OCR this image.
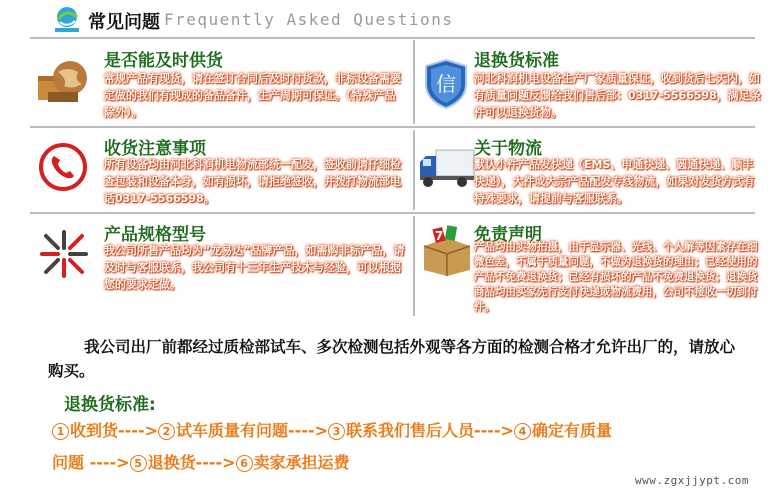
常见问题 Frequently Asked Questions
是否能及时供货

常规产品有现货，请在签订合同后及时付货款，非标设备需要定做的我们有现成的备品备件，生产周期可保证。（特殊产品除外）。

信
退换货标准

河北科润机电设备生产厂家质量保证，收到货后七天内，如有质量问题反馈给我们售后部：0317-5566598，满足条件可以退换货物。

收货注意事项

所有设备均由河北科润机电物流部统一配发，签收前请仔细检查包装和设备本身，如有损坏，请拒绝签收，并拨打物流部电话0317-5566598。

关于物流

默认小件产品发快递（EMS、申通快递、圆通快递、顺丰快递），大件或大宗产品配发专线物流，如果对发货方式有特殊要求，请提前与客服联系。

产品规格型号

我公司所售产品均为“龙易达”品牌产品，如需购非标产品，请及时与客服联系，我公司有十三年生产技术与经验，可以根据您的要求定做。

7 免责声明

产品均由实物拍摄，由于显示器、光线、个人解等因素存在细微色差，不属于质量问题，不做为退换货的理由；已经使用的产品不免费退换货；已经有损坏的产品不免费退换货；退换货商品均由买家先行支付快递或物流费用，公司不接收一切到付件。

我公司出厂前都经过质检部试车、多次检测包括外观等各方面的检测合格才允许出厂的，请放心购买。

退换货标准:
1 收到货----> 2 试车质量有问题----> 3 联系我们售后人员----> 4 确定有质量
问题 ----> 5 退换货----> 6 卖家承担运费
www.zgxjjypt.com
